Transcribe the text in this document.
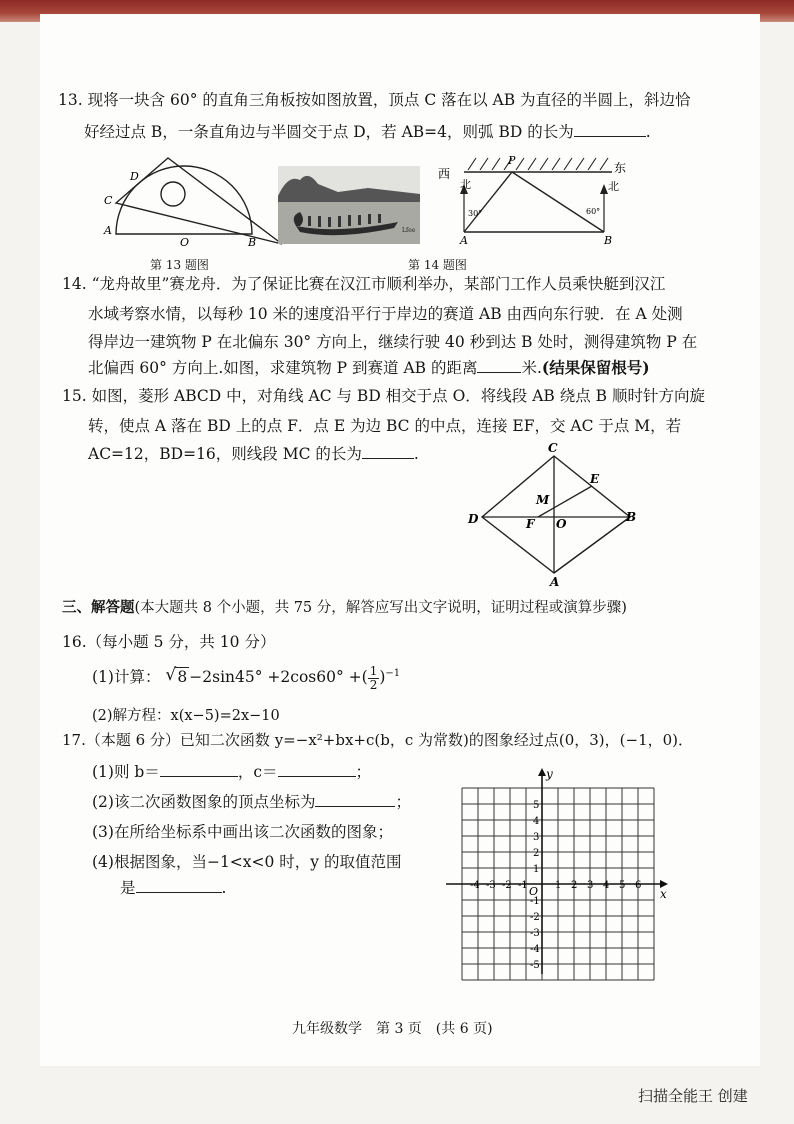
13. 现将一块含 60° 的直角三角板按如图放置，顶点 C 落在以 AB 为直径的半圆上，斜边恰
好经过点 B，一条直角边与半圆交于点 D，若 AB=4，则弧 BD 的长为	.
A
C
D
O	B
第 13 题图
Lfee
西	东
北	北
P
A	B
30°	60°
第 14 题图
14. “龙舟故里”赛龙舟．为了保证比赛在汉江市顺利举办，某部门工作人员乘快艇到汉江
水域考察水情，以每秒 10 米的速度沿平行于岸边的赛道 AB 由西向东行驶．在 A 处测
得岸边一建筑物 P 在北偏东 30° 方向上，继续行驶 40 秒到达 B 处时，测得建筑物 P 在
北偏西 60° 方向上.如图，求建筑物 P 到赛道 AB 的距离	米.(结果保留根号)
15. 如图，菱形 ABCD 中，对角线 AC 与 BD 相交于点 O．将线段 AB 绕点 B 顺时针方向旋
转，使点 A 落在 BD 上的点 F．点 E 为边 BC 的中点，连接 EF，交 AC 于点 M，若
AC=12，BD=16，则线段 MC 的长为	.	C
E
M
D	F O	B
A
三、解答题(本大题共 8 个小题，共 75 分，解答应写出文字说明，证明过程或演算步骤)
16.（每小题 5 分，共 10 分）
(1)计算： √ 8 −2sin45° +2cos60° +( $\frac{1}{2} )^{-1}$
(2)解方程：x(x−5)=2x−10
17.（本题 6 分）已知二次函数 y=−x²+bx+c(b，c 为常数)的图象经过点(0，3)，(−1，0)．
(1)则 b＝	，c＝	；
(2)该二次函数图象的顶点坐标为	；
(3)在所给坐标系中画出该二次函数的图象；
(4)根据图象，当−1<x<0 时，y 的取值范围
是	.	x
y
O
-4 -3 -2 -1	1 2 3 4 5 6
5
4
3
2
1
-1
-2
-3
-4
-5
九年级数学　第 3 页　(共 6 页)
扫描全能王 创建
